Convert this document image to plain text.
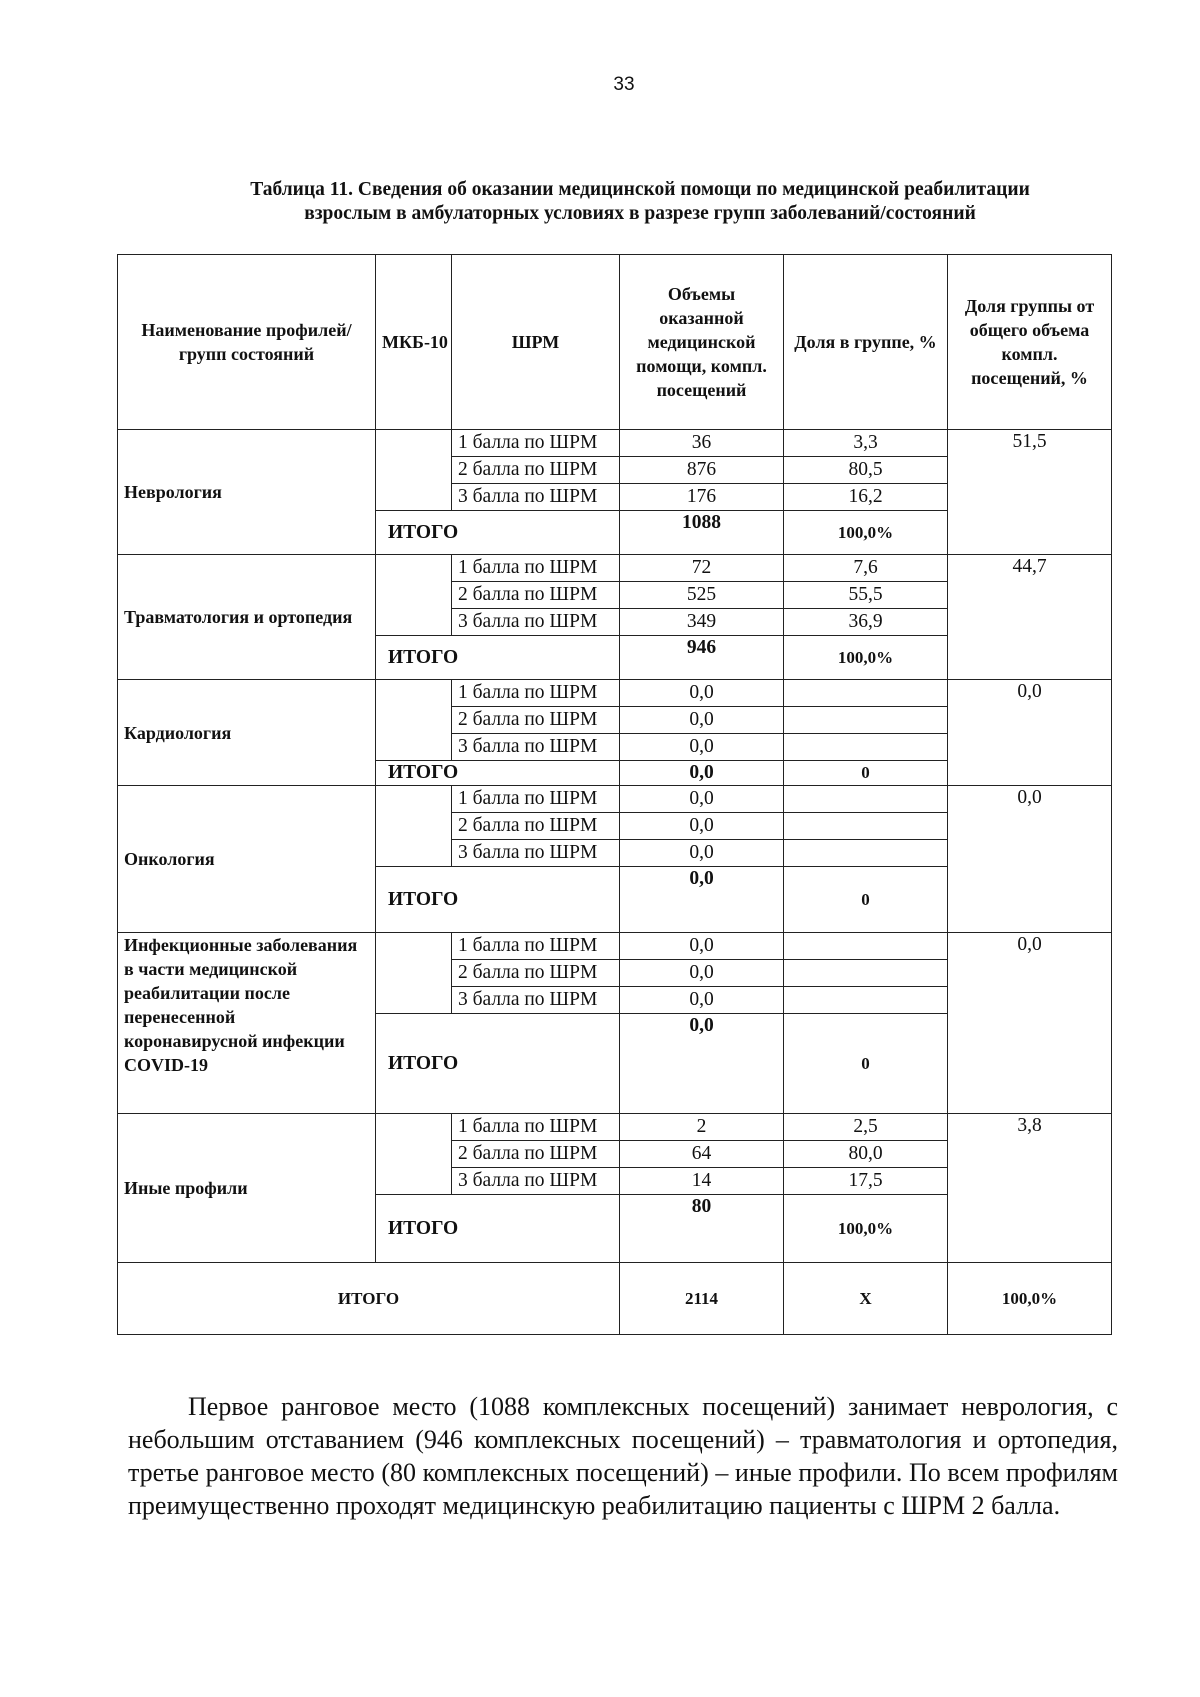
33
Таблица 11. Сведения об оказании медицинской помощи по медицинской реабилитации
взрослым в амбулаторных условиях в разрезе групп заболеваний/состояний
Наименование профилей/групп состояний	МКБ-10	ШРМ	Объемы оказанной медицинской помощи, компл. посещений	Доля в группе, %	Доля группы от общего объема компл. посещений, %
Неврология		1 балла по ШРМ	36	3,3	51,5
		2 балла по ШРМ	876	80,5	
		3 балла по ШРМ	176	16,2	
	ИТОГО		1088	100,0%	
Травматология и ортопедия		1 балла по ШРМ	72	7,6	44,7
		2 балла по ШРМ	525	55,5	
		3 балла по ШРМ	349	36,9	
	ИТОГО		946	100,0%	
Кардиология		1 балла по ШРМ	0,0		0,0
		2 балла по ШРМ	0,0		
		3 балла по ШРМ	0,0		
	ИТОГО		0,0	0	
Онкология		1 балла по ШРМ	0,0		0,0
		2 балла по ШРМ	0,0		
		3 балла по ШРМ	0,0		
	ИТОГО		0,0	0	
Инфекционные заболевания в части медицинской реабилитации после перенесенной коронавирусной инфекции COVID-19		1 балла по ШРМ	0,0		0,0
		2 балла по ШРМ	0,0		
		3 балла по ШРМ	0,0		
	ИТОГО		0,0	0	
Иные профили		1 балла по ШРМ	2	2,5	3,8
		2 балла по ШРМ	64	80,0	
		3 балла по ШРМ	14	17,5	
	ИТОГО		80	100,0%	
ИТОГО			2114	Х	100,0%
Первое ранговое место (1088 комплексных посещений) занимает неврология, с небольшим отставанием (946 комплексных посещений) – травматология и ортопедия, третье ранговое место (80 комплексных посещений) – иные профили. По всем профилям преимущественно проходят медицинскую реабилитацию пациенты с ШРМ 2 балла.
